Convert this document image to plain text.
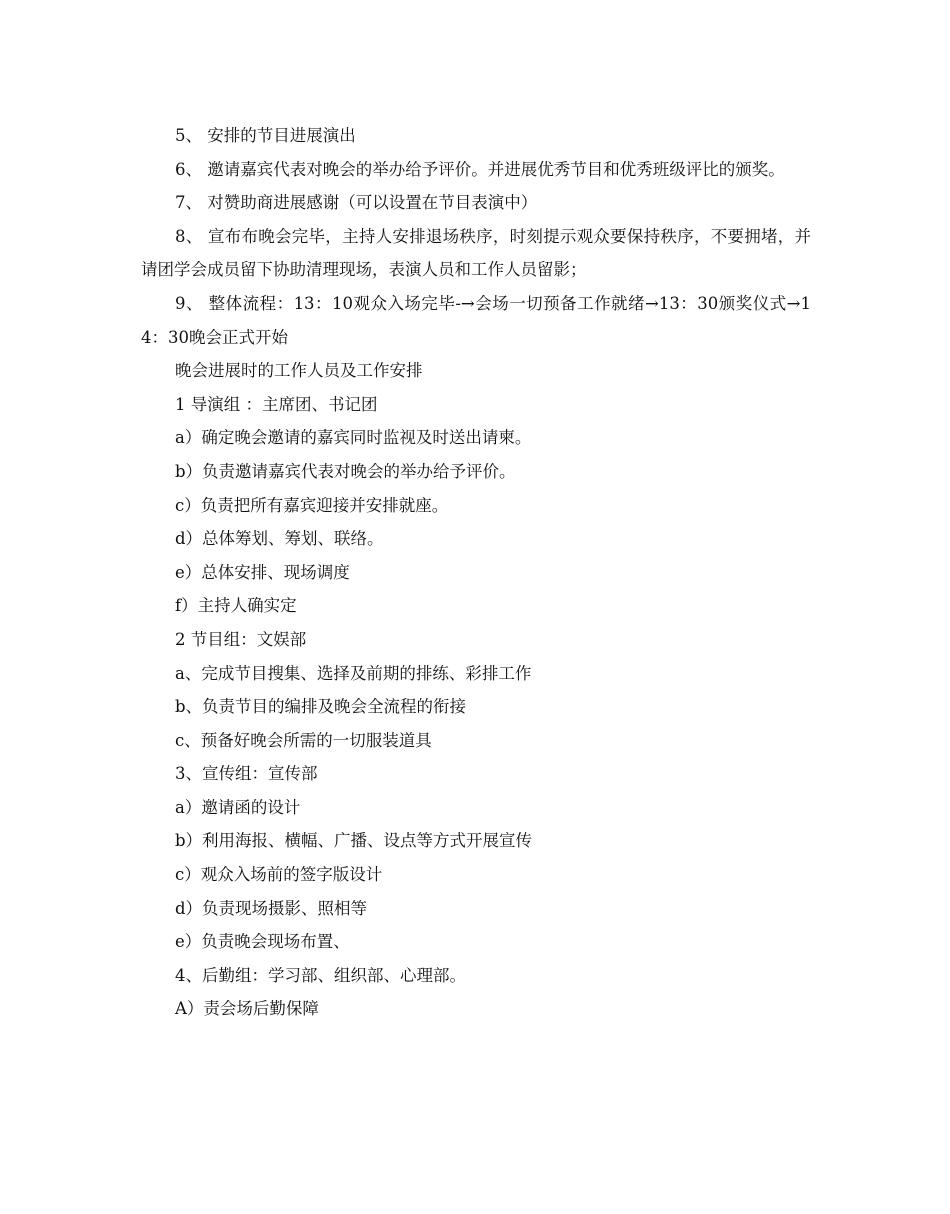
5、 安排的节目进展演出

6、 邀请嘉宾代表对晚会的举办给予评价。并进展优秀节目和优秀班级评比的颁奖。

7、 对赞助商进展感谢（可以设置在节目表演中）

8、 宣布布晚会完毕，主持人安排退场秩序，时刻提示观众要保持秩序，不要拥堵，并请团学会成员留下协助清理现场，表演人员和工作人员留影；

9、 整体流程：13：10观众入场完毕-→会场一切预备工作就绪→13：30颁奖仪式→14：30晚会正式开始

晚会进展时的工作人员及工作安排

1 导演组 ：主席团、书记团

a）确定晚会邀请的嘉宾同时监视及时送出请柬。

b）负责邀请嘉宾代表对晚会的举办给予评价。

c）负责把所有嘉宾迎接并安排就座。

d）总体筹划、筹划、联络。

e）总体安排、现场调度

f）主持人确实定

2 节目组：文娱部

a、完成节目搜集、选择及前期的排练、彩排工作

b、负责节目的编排及晚会全流程的衔接

c、预备好晚会所需的一切服装道具

3、宣传组：宣传部

a）邀请函的设计

b）利用海报、横幅、广播、设点等方式开展宣传

c）观众入场前的签字版设计

d）负责现场摄影、照相等

e）负责晚会现场布置、

4、后勤组：学习部、组织部、心理部。

A）责会场后勤保障
